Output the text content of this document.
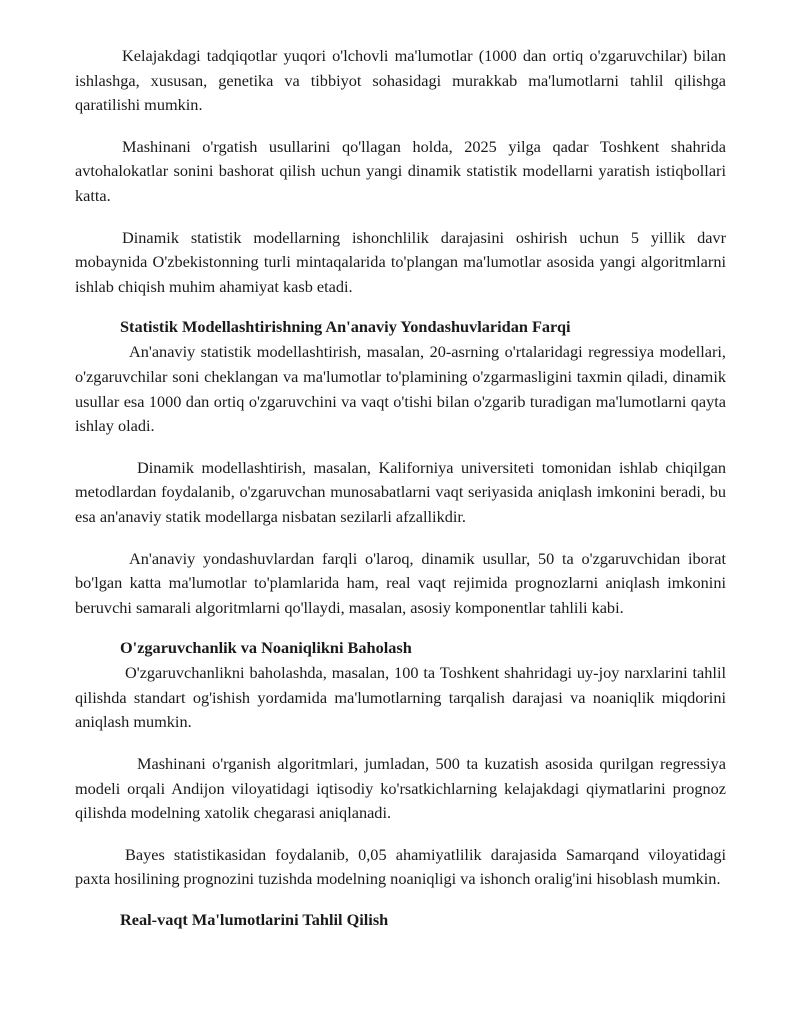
Kelajakdagi tadqiqotlar yuqori o'lchovli ma'lumotlar (1000 dan ortiq o'zgaruvchilar) bilan ishlashga, xususan, genetika va tibbiyot sohasidagi murakkab ma'lumotlarni tahlil qilishga qaratilishi mumkin.

Mashinani o'rgatish usullarini qo'llagan holda, 2025 yilga qadar Toshkent shahrida avtohalokatlar sonini bashorat qilish uchun yangi dinamik statistik modellarni yaratish istiqbollari katta.

Dinamik statistik modellarning ishonchlilik darajasini oshirish uchun 5 yillik davr mobaynida O'zbekistonning turli mintaqalarida to'plangan ma'lumotlar asosida yangi algoritmlarni ishlab chiqish muhim ahamiyat kasb etadi.

Statistik Modellashtirishning An'anaviy Yondashuvlaridan Farqi

An'anaviy statistik modellashtirish, masalan, 20-asrning o'rtalaridagi regressiya modellari, o'zgaruvchilar soni cheklangan va ma'lumotlar to'plamining o'zgarmasligini taxmin qiladi, dinamik usullar esa 1000 dan ortiq o'zgaruvchini va vaqt o'tishi bilan o'zgarib turadigan ma'lumotlarni qayta ishlay oladi.

Dinamik modellashtirish, masalan, Kaliforniya universiteti tomonidan ishlab chiqilgan metodlardan foydalanib, o'zgaruvchan munosabatlarni vaqt seriyasida aniqlash imkonini beradi, bu esa an'anaviy statik modellarga nisbatan sezilarli afzallikdir.

An'anaviy yondashuvlardan farqli o'laroq, dinamik usullar, 50 ta o'zgaruvchidan iborat bo'lgan katta ma'lumotlar to'plamlarida ham, real vaqt rejimida prognozlarni aniqlash imkonini beruvchi samarali algoritmlarni qo'llaydi, masalan, asosiy komponentlar tahlili kabi.

O'zgaruvchanlik va Noaniqlikni Baholash

O'zgaruvchanlikni baholashda, masalan, 100 ta Toshkent shahridagi uy-joy narxlarini tahlil qilishda standart og'ishish yordamida ma'lumotlarning tarqalish darajasi va noaniqlik miqdorini aniqlash mumkin.

Mashinani o'rganish algoritmlari, jumladan, 500 ta kuzatish asosida qurilgan regressiya modeli orqali Andijon viloyatidagi iqtisodiy ko'rsatkichlarning kelajakdagi qiymatlarini prognoz qilishda modelning xatolik chegarasi aniqlanadi.

Bayes statistikasidan foydalanib, 0,05 ahamiyatlilik darajasida Samarqand viloyatidagi paxta hosilining prognozini tuzishda modelning noaniqligi va ishonch oralig'ini hisoblash mumkin.

Real-vaqt Ma'lumotlarini Tahlil Qilish
